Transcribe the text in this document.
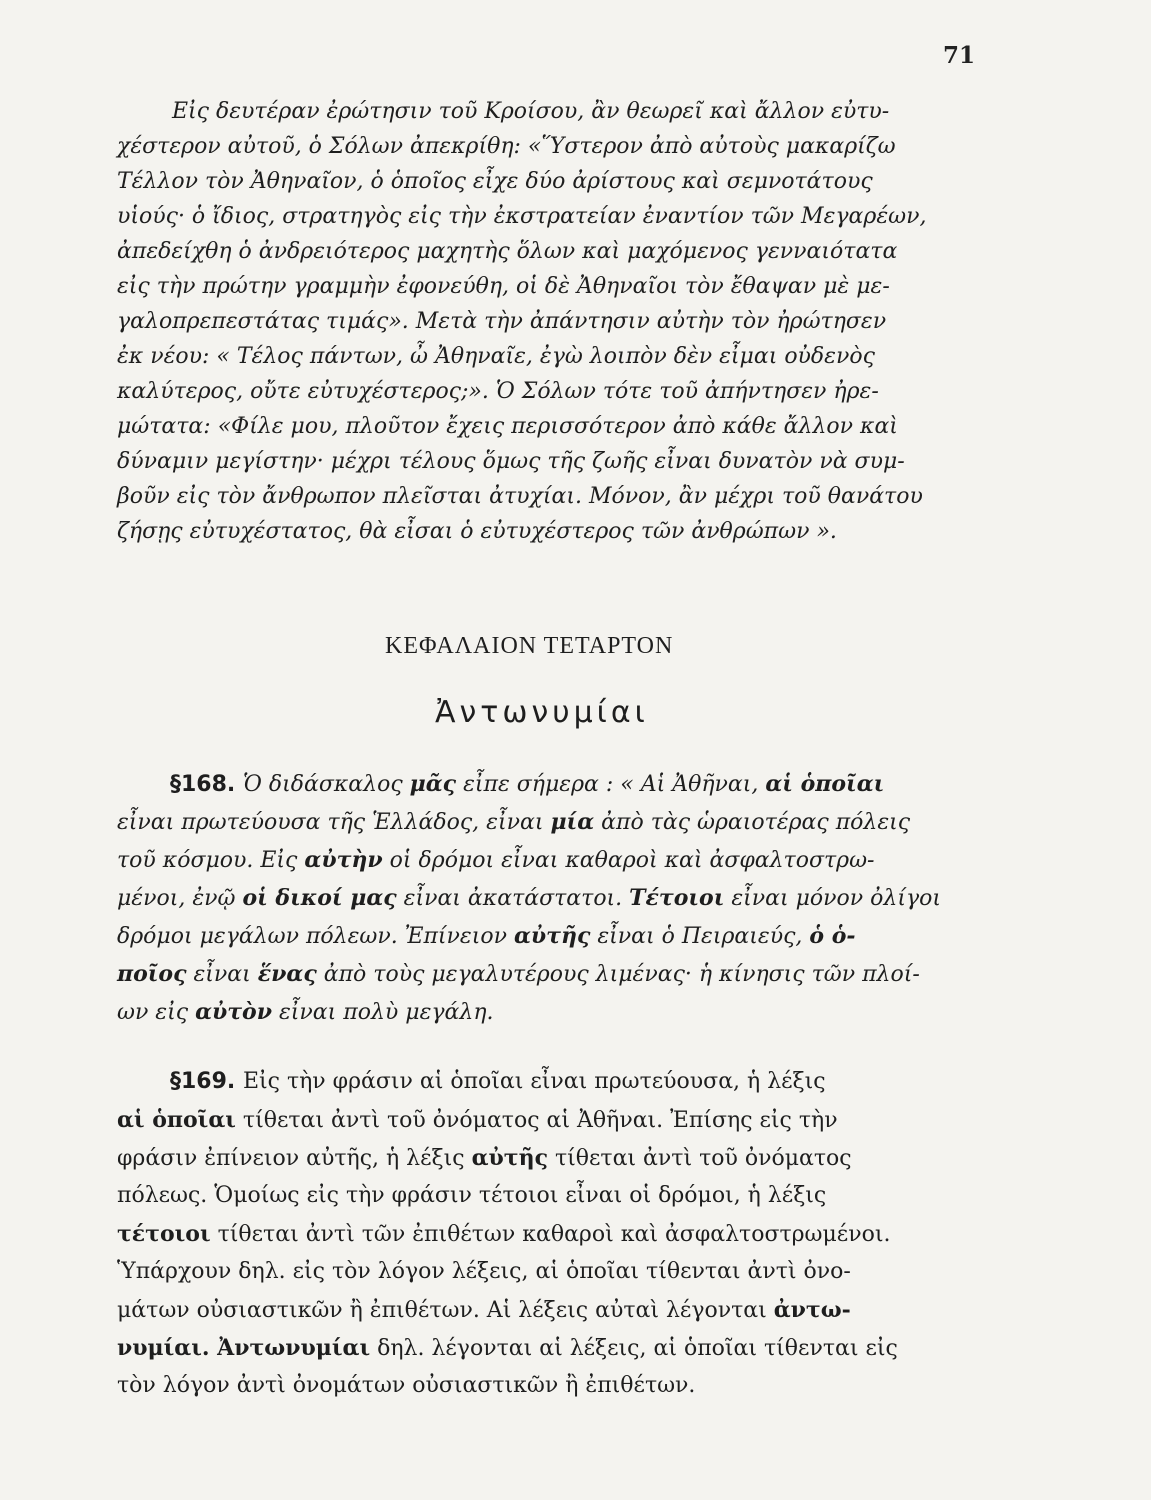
71
Εἰς δευτέραν ἐρώτησιν τοῦ Κροίσου, ἂν θεωρεῖ καὶ ἄλλον εὐτυ-
χέστερον αὐτοῦ, ὁ Σόλων ἀπεκρίθη: «Ὕστερον ἀπὸ αὐτοὺς μακαρίζω
Τέλλον τὸν Ἀθηναῖον, ὁ ὁποῖος εἶχε δύο ἀρίστους καὶ σεμνοτάτους
υἱούς· ὁ ἴδιος, στρατηγὸς εἰς τὴν ἐκστρατείαν ἐναντίον τῶν Μεγαρέων,
ἀπεδείχθη ὁ ἀνδρειότερος μαχητὴς ὅλων καὶ μαχόμενος γενναιότατα
εἰς τὴν πρώτην γραμμὴν ἐφονεύθη, οἱ δὲ Ἀθηναῖοι τὸν ἔθαψαν μὲ με-
γαλοπρεπεστάτας τιμάς». Μετὰ τὴν ἀπάντησιν αὐτὴν τὸν ἠρώτησεν
ἐκ νέου: « Τέλος πάντων, ὦ Ἀθηναῖε, ἐγὼ λοιπὸν δὲν εἶμαι οὐδενὸς
καλύτερος, οὔτε εὐτυχέστερος;». Ὁ Σόλων τότε τοῦ ἀπήντησεν ἠρε-
μώτατα: «Φίλε μου, πλοῦτον ἔχεις περισσότερον ἀπὸ κάθε ἄλλον καὶ
δύναμιν μεγίστην· μέχρι τέλους ὅμως τῆς ζωῆς εἶναι δυνατὸν νὰ συμ-
βοῦν εἰς τὸν ἄνθρωπον πλεῖσται ἀτυχίαι. Μόνον, ἂν μέχρι τοῦ θανάτου
ζήσῃς εὐτυχέστατος, θὰ εἶσαι ὁ εὐτυχέστερος τῶν ἀνθρώπων ».
ΚΕΦΑΛΑΙΟΝ ΤΕΤΑΡΤΟΝ
Ἀντωνυμίαι
§168. Ὁ διδάσκαλος μᾶς εἶπε σήμερα : « Αἱ Ἀθῆναι, αἱ ὁποῖαι
εἶναι πρωτεύουσα τῆς Ἑλλάδος, εἶναι μία ἀπὸ τὰς ὡραιοτέρας πόλεις
τοῦ κόσμου. Εἰς αὐτὴν οἱ δρόμοι εἶναι καθαροὶ καὶ ἀσφαλτοστρω-
μένοι, ἐνῷ οἱ δικοί μας εἶναι ἀκατάστατοι. Τέτοιοι εἶναι μόνον ὀλίγοι
δρόμοι μεγάλων πόλεων. Ἐπίνειον αὐτῆς εἶναι ὁ Πειραιεύς, ὁ ὁ-
ποῖος εἶναι ἕνας ἀπὸ τοὺς μεγαλυτέρους λιμένας· ἡ κίνησις τῶν πλοί-
ων εἰς αὐτὸν εἶναι πολὺ μεγάλη.
§169. Εἰς τὴν φράσιν αἱ ὁποῖαι εἶναι πρωτεύουσα, ἡ λέξις
αἱ ὁποῖαι τίθεται ἀντὶ τοῦ ὀνόματος αἱ Ἀθῆναι. Ἐπίσης εἰς τὴν
φράσιν ἐπίνειον αὐτῆς, ἡ λέξις αὐτῆς τίθεται ἀντὶ τοῦ ὀνόματος
πόλεως. Ὁμοίως εἰς τὴν φράσιν τέτοιοι εἶναι οἱ δρόμοι, ἡ λέξις
τέτοιοι τίθεται ἀντὶ τῶν ἐπιθέτων καθαροὶ καὶ ἀσφαλτοστρωμένοι.
Ὑπάρχουν δηλ. εἰς τὸν λόγον λέξεις, αἱ ὁποῖαι τίθενται ἀντὶ ὀνο-
μάτων οὐσιαστικῶν ἢ ἐπιθέτων. Αἱ λέξεις αὐταὶ λέγονται ἀντω-
νυμίαι. Ἀντωνυμίαι δηλ. λέγονται αἱ λέξεις, αἱ ὁποῖαι τίθενται εἰς
τὸν λόγον ἀντὶ ὀνομάτων οὐσιαστικῶν ἢ ἐπιθέτων.
